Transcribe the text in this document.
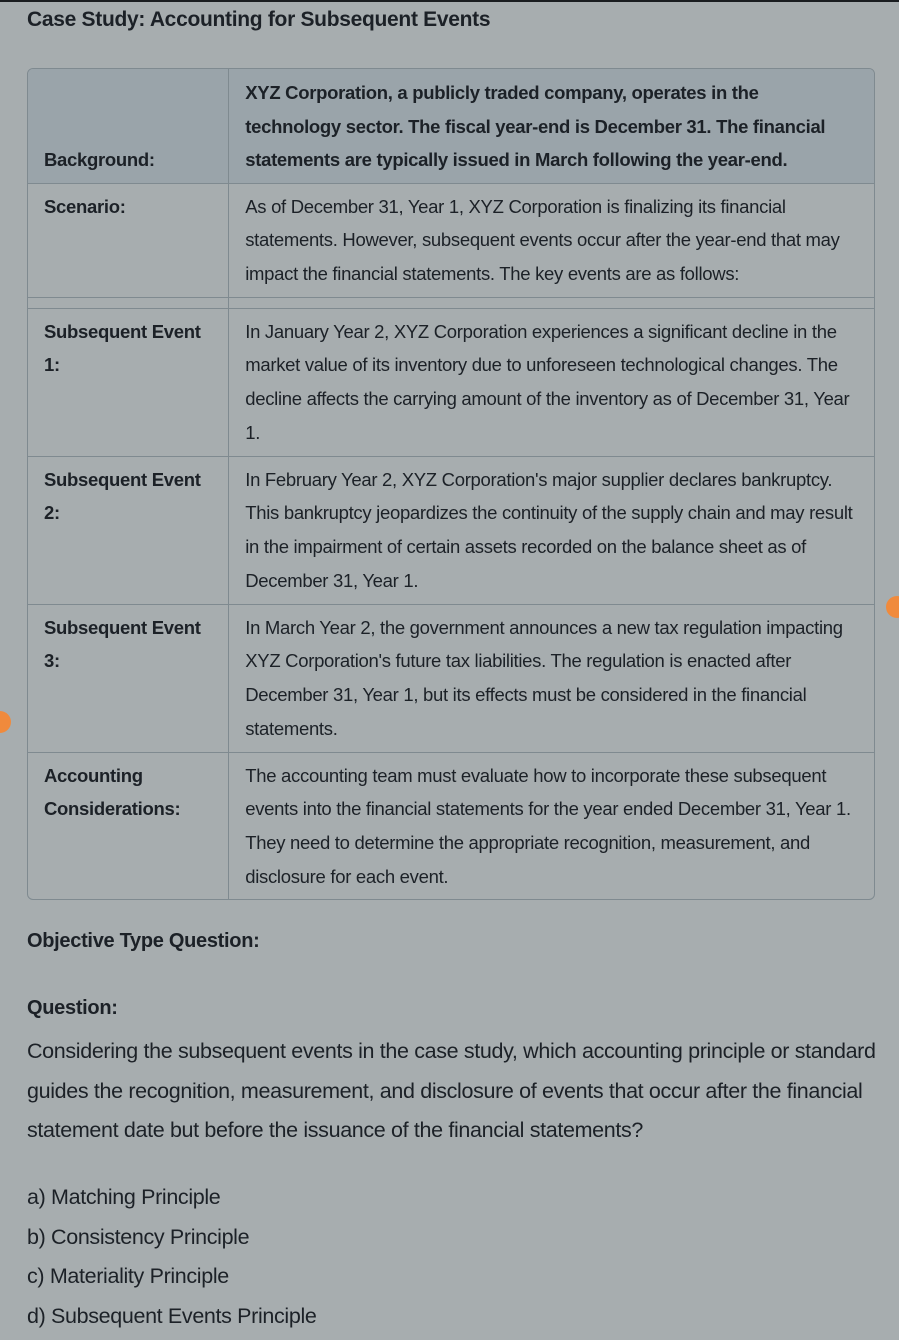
Case Study: Accounting for Subsequent Events
Background:	XYZ Corporation, a publicly traded company, operates in the technology sector. The fiscal year-end is December 31. The financial statements are typically issued in March following the year-end.
Scenario:	As of December 31, Year 1, XYZ Corporation is finalizing its financial statements. However, subsequent events occur after the year-end that may impact the financial statements. The key events are as follows:

Subsequent Event 1:	In January Year 2, XYZ Corporation experiences a significant decline in the market value of its inventory due to unforeseen technological changes. The decline affects the carrying amount of the inventory as of December 31, Year 1.
Subsequent Event 2:	In February Year 2, XYZ Corporation's major supplier declares bankruptcy. This bankruptcy jeopardizes the continuity of the supply chain and may result in the impairment of certain assets recorded on the balance sheet as of December 31, Year 1.
Subsequent Event 3:	In March Year 2, the government announces a new tax regulation impacting XYZ Corporation's future tax liabilities. The regulation is enacted after December 31, Year 1, but its effects must be considered in the financial statements.
Accounting Considerations:	The accounting team must evaluate how to incorporate these subsequent events into the financial statements for the year ended December 31, Year 1. They need to determine the appropriate recognition, measurement, and disclosure for each event.
Objective Type Question:
Question:
Considering the subsequent events in the case study, which accounting principle or standard guides the recognition, measurement, and disclosure of events that occur after the financial statement date but before the issuance of the financial statements?
a) Matching Principle
b) Consistency Principle
c) Materiality Principle
d) Subsequent Events Principle
